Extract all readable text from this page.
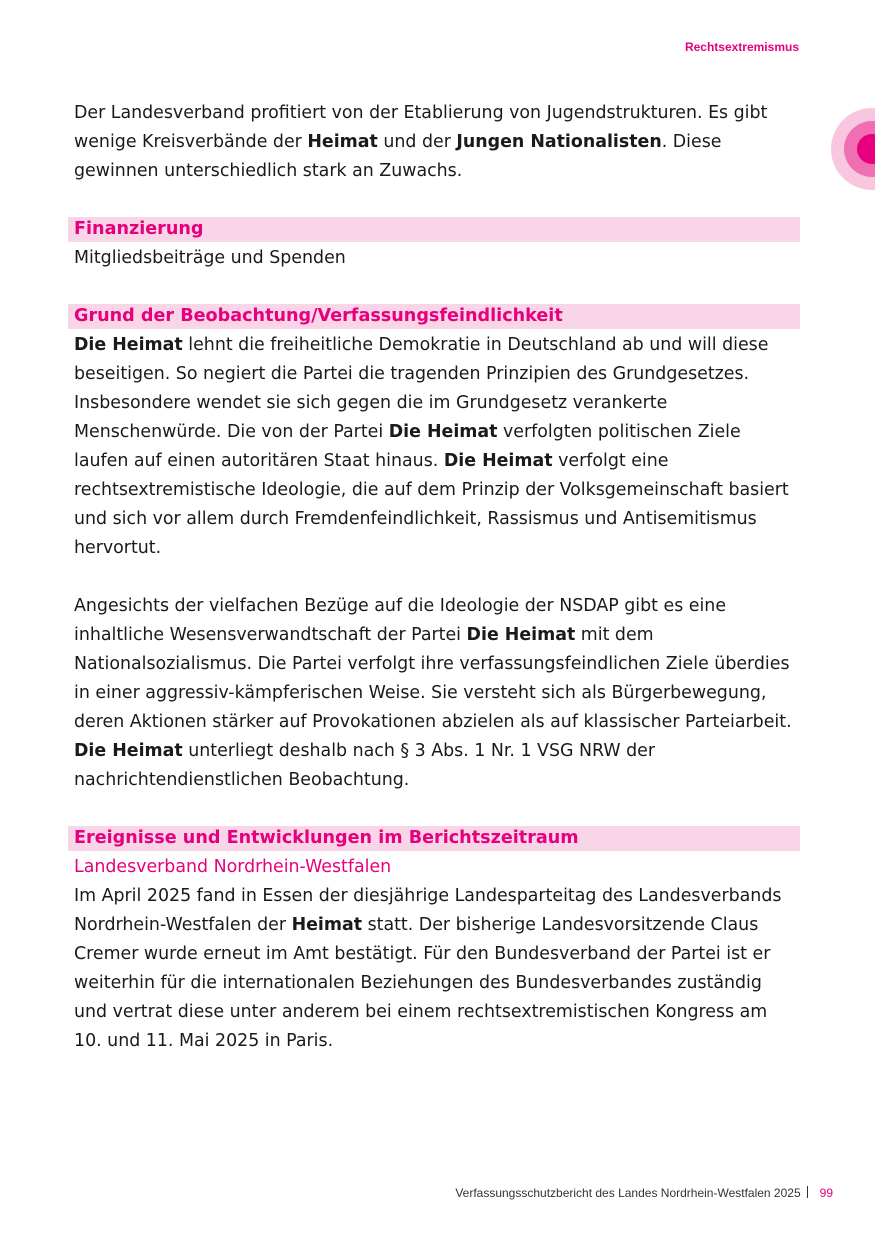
Rechtsextremismus

Der Landesverband profitiert von der Etablierung von Jugendstrukturen. Es gibt wenige Kreisverbände der Heimat und der Jungen Nationalisten. Diese gewinnen unterschiedlich stark an Zuwachs.

Finanzierung

Mitgliedsbeiträge und Spenden

Grund der Beobachtung/Verfassungsfeindlichkeit

Die Heimat lehnt die freiheitliche Demokratie in Deutschland ab und will diese beseitigen. So negiert die Partei die tragenden Prinzipien des Grundgesetzes. Insbesondere wendet sie sich gegen die im Grundgesetz verankerte Menschenwürde. Die von der Partei Die Heimat verfolgten politischen Ziele laufen auf einen autoritären Staat hinaus. Die Heimat verfolgt eine rechtsextremistische Ideologie, die auf dem Prinzip der Volksgemeinschaft basiert und sich vor allem durch Fremdenfeindlichkeit, Rassismus und Antisemitismus hervortut.

Angesichts der vielfachen Bezüge auf die Ideologie der NSDAP gibt es eine inhaltliche Wesensverwandtschaft der Partei Die Heimat mit dem Nationalsozialismus. Die Partei verfolgt ihre verfassungsfeindlichen Ziele überdies in einer aggressiv-kämpferischen Weise. Sie versteht sich als Bürgerbewegung, deren Aktionen stärker auf Provokationen abzielen als auf klassischer Parteiarbeit. Die Heimat unterliegt deshalb nach § 3 Abs. 1 Nr. 1 VSG NRW der nachrichtendienstlichen Beobachtung.

Ereignisse und Entwicklungen im Berichtszeitraum

Landesverband Nordrhein-Westfalen

Im April 2025 fand in Essen der diesjährige Landesparteitag des Landesverbands Nordrhein-Westfalen der Heimat statt. Der bisherige Landesvorsitzende Claus Cremer wurde erneut im Amt bestätigt. Für den Bundesverband der Partei ist er weiterhin für die internationalen Beziehungen des Bundesverbandes zuständig und vertrat diese unter anderem bei einem rechtsextremistischen Kongress am 10. und 11. Mai 2025 in Paris.

Verfassungsschutzbericht des Landes Nordrhein-Westfalen 2025 99
